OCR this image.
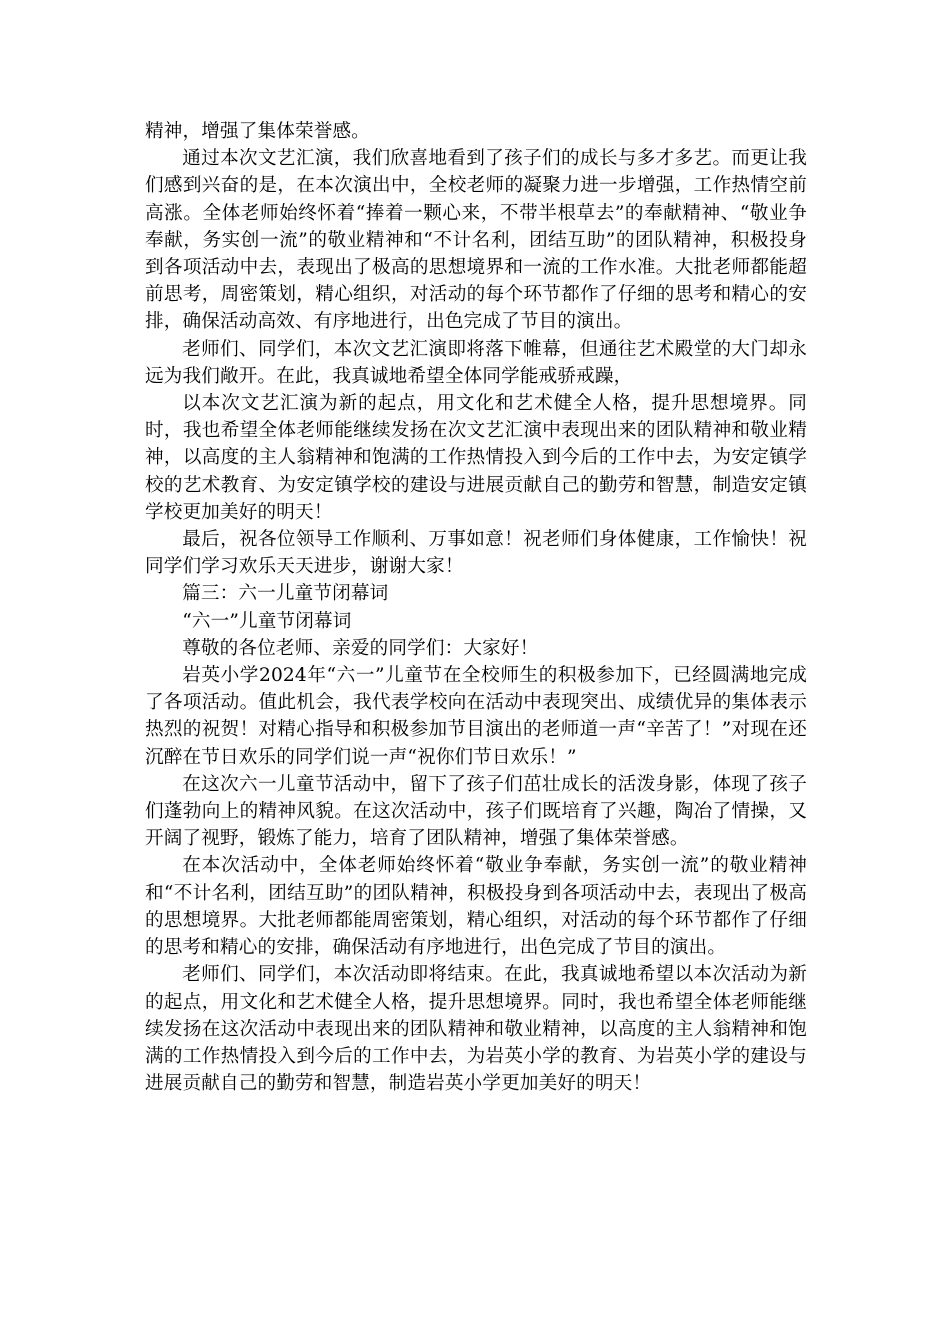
精神，增强了集体荣誉感。

通过本次文艺汇演，我们欣喜地看到了孩子们的成长与多才多艺。而更让我们感到兴奋的是，在本次演出中，全校老师的凝聚力进一步增强，工作热情空前高涨。全体老师始终怀着“捧着一颗心来，不带半根草去”的奉献精神、“敬业争奉献，务实创一流”的敬业精神和“不计名利，团结互助”的团队精神，积极投身到各项活动中去，表现出了极高的思想境界和一流的工作水准。大批老师都能超前思考，周密策划，精心组织，对活动的每个环节都作了仔细的思考和精心的安排，确保活动高效、有序地进行，出色完成了节目的演出。

老师们、同学们，本次文艺汇演即将落下帷幕，但通往艺术殿堂的大门却永远为我们敞开。在此，我真诚地希望全体同学能戒骄戒躁，

以本次文艺汇演为新的起点，用文化和艺术健全人格，提升思想境界。同时，我也希望全体老师能继续发扬在次文艺汇演中表现出来的团队精神和敬业精神，以高度的主人翁精神和饱满的工作热情投入到今后的工作中去，为安定镇学校的艺术教育、为安定镇学校的建设与进展贡献自己的勤劳和智慧，制造安定镇学校更加美好的明天！

最后，祝各位领导工作顺利、万事如意！祝老师们身体健康，工作愉快！祝同学们学习欢乐天天进步，谢谢大家！

篇三：六一儿童节闭幕词

“六一”儿童节闭幕词

尊敬的各位老师、亲爱的同学们：大家好！

岩英小学2024年“六一”儿童节在全校师生的积极参加下，已经圆满地完成了各项活动。值此机会，我代表学校向在活动中表现突出、成绩优异的集体表示热烈的祝贺！对精心指导和积极参加节目演出的老师道一声“辛苦了！”对现在还沉醉在节日欢乐的同学们说一声“祝你们节日欢乐！”

在这次六一儿童节活动中，留下了孩子们茁壮成长的活泼身影，体现了孩子们蓬勃向上的精神风貌。在这次活动中，孩子们既培育了兴趣，陶冶了情操，又开阔了视野，锻炼了能力，培育了团队精神，增强了集体荣誉感。

在本次活动中，全体老师始终怀着“敬业争奉献，务实创一流”的敬业精神和“不计名利，团结互助”的团队精神，积极投身到各项活动中去，表现出了极高的思想境界。大批老师都能周密策划，精心组织，对活动的每个环节都作了仔细的思考和精心的安排，确保活动有序地进行，出色完成了节目的演出。

老师们、同学们，本次活动即将结束。在此，我真诚地希望以本次活动为新的起点，用文化和艺术健全人格，提升思想境界。同时，我也希望全体老师能继续发扬在这次活动中表现出来的团队精神和敬业精神，以高度的主人翁精神和饱满的工作热情投入到今后的工作中去，为岩英小学的教育、为岩英小学的建设与进展贡献自己的勤劳和智慧，制造岩英小学更加美好的明天！
